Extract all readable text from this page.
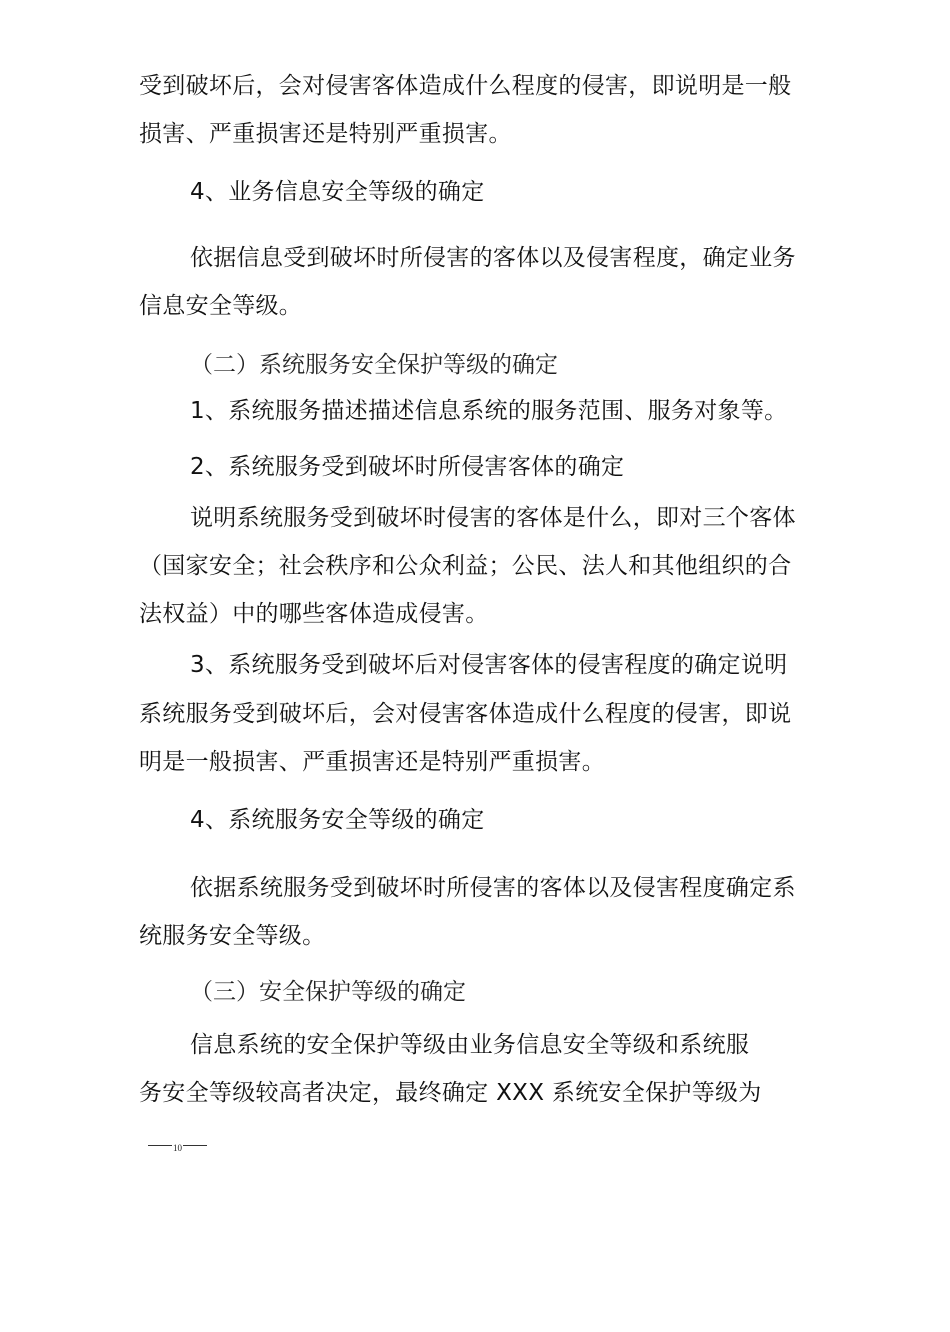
受到破坏后，会对侵害客体造成什么程度的侵害，即说明是一般
损害、严重损害还是特别严重损害。
4、业务信息安全等级的确定
依据信息受到破坏时所侵害的客体以及侵害程度，确定业务
信息安全等级。
（二）系统服务安全保护等级的确定
1、系统服务描述描述信息系统的服务范围、服务对象等。
2、系统服务受到破坏时所侵害客体的确定
说明系统服务受到破坏时侵害的客体是什么，即对三个客体
（国家安全；社会秩序和公众利益；公民、法人和其他组织的合
法权益）中的哪些客体造成侵害。
3、系统服务受到破坏后对侵害客体的侵害程度的确定说明
系统服务受到破坏后，会对侵害客体造成什么程度的侵害，即说
明是一般损害、严重损害还是特别严重损害。
4、系统服务安全等级的确定
依据系统服务受到破坏时所侵害的客体以及侵害程度确定系
统服务安全等级。
（三）安全保护等级的确定
信息系统的安全保护等级由业务信息安全等级和系统服
务安全等级较高者决定，最终确定 XXX 系统安全保护等级为
10
